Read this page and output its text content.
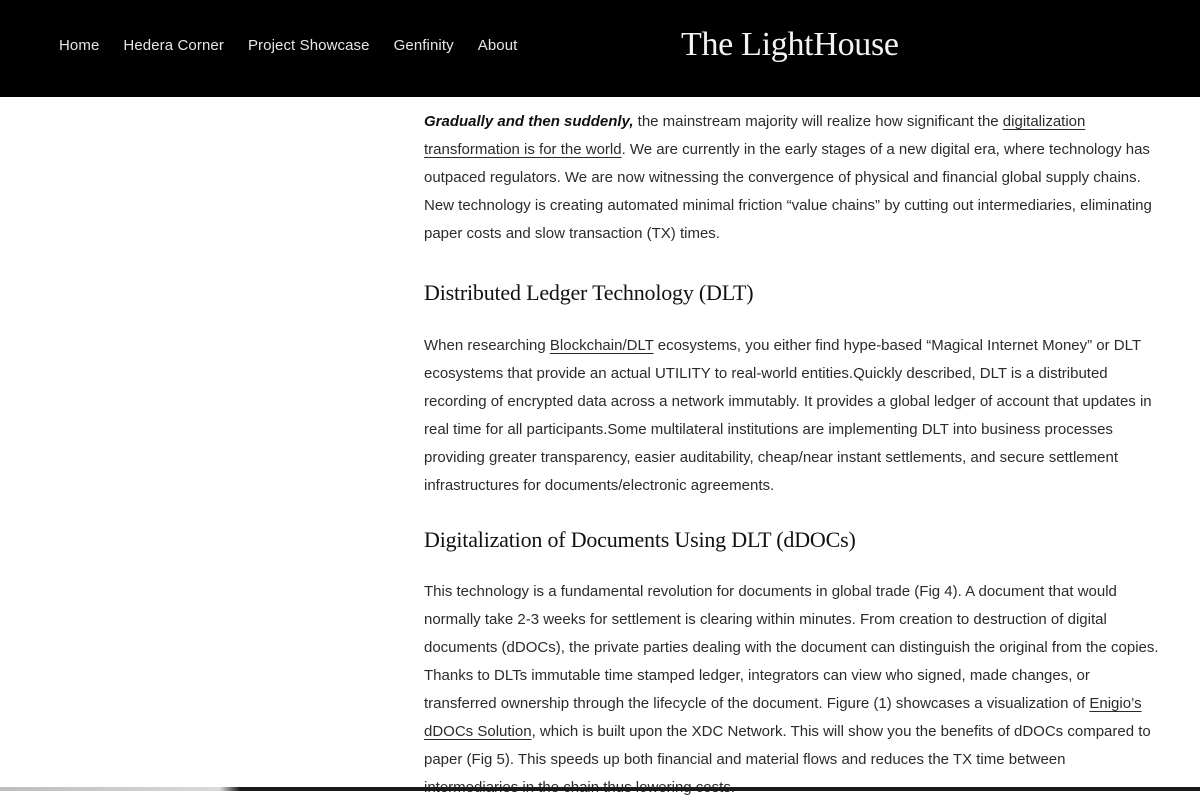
Home Hedera Corner Project Showcase Genfinity About	The LightHouse

Gradually and then suddenly, the mainstream majority will realize how significant the digitalization transformation is for the world. We are currently in the early stages of a new digital era, where technology has outpaced regulators. We are now witnessing the convergence of physical and financial global supply chains. New technology is creating automated minimal friction “value chains” by cutting out intermediaries, eliminating paper costs and slow transaction (TX) times.

Distributed Ledger Technology (DLT)

When researching Blockchain/DLT ecosystems, you either find hype-based “Magical Internet Money” or DLT ecosystems that provide an actual UTILITY to real-world entities.Quickly described, DLT is a distributed recording of encrypted data across a network immutably. It provides a global ledger of account that updates in real time for all participants.Some multilateral institutions are implementing DLT into business processes providing greater transparency, easier auditability, cheap/near instant settlements, and secure settlement infrastructures for documents/electronic agreements.

Digitalization of Documents Using DLT (dDOCs)

This technology is a fundamental revolution for documents in global trade (Fig 4). A document that would normally take 2-3 weeks for settlement is clearing within minutes. From creation to destruction of digital documents (dDOCs), the private parties dealing with the document can distinguish the original from the copies. Thanks to DLTs immutable time stamped ledger, integrators can view who signed, made changes, or transferred ownership through the lifecycle of the document. Figure (1) showcases a visualization of Enigio’s dDOCs Solution, which is built upon the XDC Network. This will show you the benefits of dDOCs compared to paper (Fig 5). This speeds up both financial and material flows and reduces the TX time between
